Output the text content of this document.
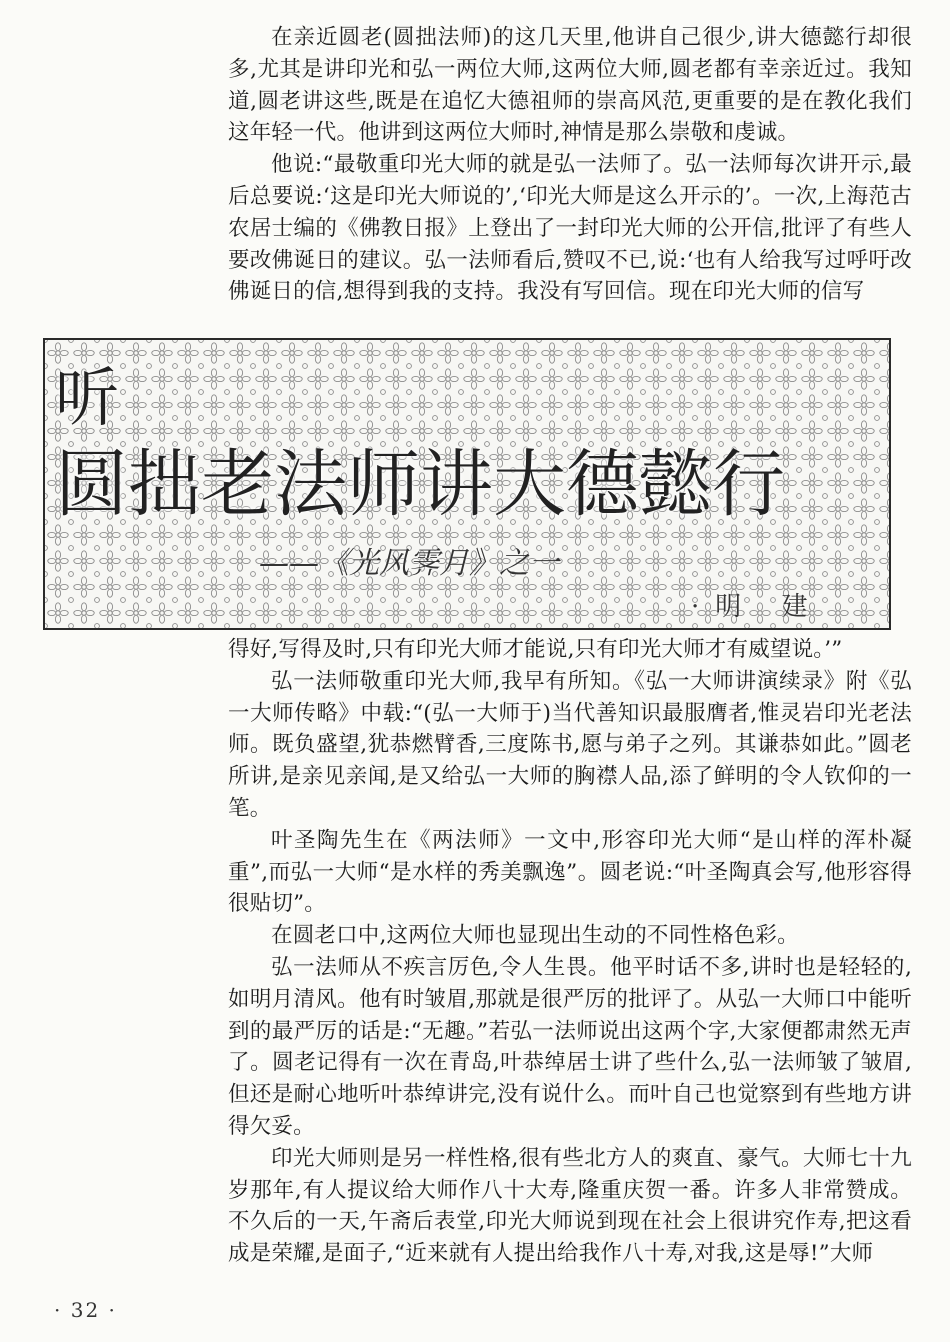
在亲近圆老(圆拙法师)的这几天里,他讲自己很少,讲大德懿行却很多,尤其是讲印光和弘一两位大师,这两位大师,圆老都有幸亲近过。我知道,圆老讲这些,既是在追忆大德祖师的崇高风范,更重要的是在教化我们这年轻一代。他讲到这两位大师时,神情是那么崇敬和虔诚。

他说:“最敬重印光大师的就是弘一法师了。弘一法师每次讲开示,最后总要说:‘这是印光大师说的’,‘印光大师是这么开示的’。一次,上海范古农居士编的《佛教日报》上登出了一封印光大师的公开信,批评了有些人要改佛诞日的建议。弘一法师看后,赞叹不已,说:‘也有人给我写过呼吁改佛诞日的信,想得到我的支持。我没有写回信。现在印光大师的信写

听
圆拙老法师讲大德懿行
——《光风霁月》之一
·明 建

得好,写得及时,只有印光大师才能说,只有印光大师才有威望说。’”

弘一法师敬重印光大师,我早有所知。《弘一大师讲演续录》附《弘一大师传略》中载:“(弘一大师于)当代善知识最服膺者,惟灵岩印光老法师。既负盛望,犹恭燃臂香,三度陈书,愿与弟子之列。其谦恭如此。”圆老所讲,是亲见亲闻,是又给弘一大师的胸襟人品,添了鲜明的令人钦仰的一笔。

叶圣陶先生在《两法师》一文中,形容印光大师“是山样的浑朴凝重”,而弘一大师“是水样的秀美飘逸”。圆老说:“叶圣陶真会写,他形容得很贴切”。

在圆老口中,这两位大师也显现出生动的不同性格色彩。

弘一法师从不疾言厉色,令人生畏。他平时话不多,讲时也是轻轻的,如明月清风。他有时皱眉,那就是很严厉的批评了。从弘一大师口中能听到的最严厉的话是:“无趣。”若弘一法师说出这两个字,大家便都肃然无声了。圆老记得有一次在青岛,叶恭绰居士讲了些什么,弘一法师皱了皱眉,但还是耐心地听叶恭绰讲完,没有说什么。而叶自己也觉察到有些地方讲得欠妥。

印光大师则是另一样性格,很有些北方人的爽直、豪气。大师七十九岁那年,有人提议给大师作八十大寿,隆重庆贺一番。许多人非常赞成。不久后的一天,午斋后表堂,印光大师说到现在社会上很讲究作寿,把这看成是荣耀,是面子,“近来就有人提出给我作八十寿,对我,这是辱!”大师

· 32 ·
